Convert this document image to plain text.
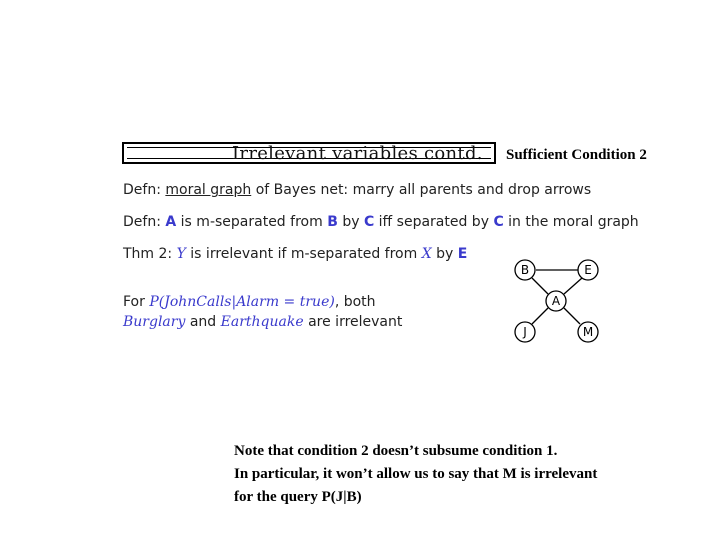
Irrelevant variables contd. Sufficient Condition 2
Defn: moral graph of Bayes net: marry all parents and drop arrows
Defn: A is m-separated from B by C iff separated by C in the moral graph
Thm 2: Y is irrelevant if m-separated from X by E
For P(JohnCalls|Alarm = true), both
Burglary and Earthquake are irrelevant
B	E
A
J	M
Note that condition 2 doesn’t subsume condition 1.
In particular, it won’t allow us to say that M is irrelevant
for the query P(J|B)
